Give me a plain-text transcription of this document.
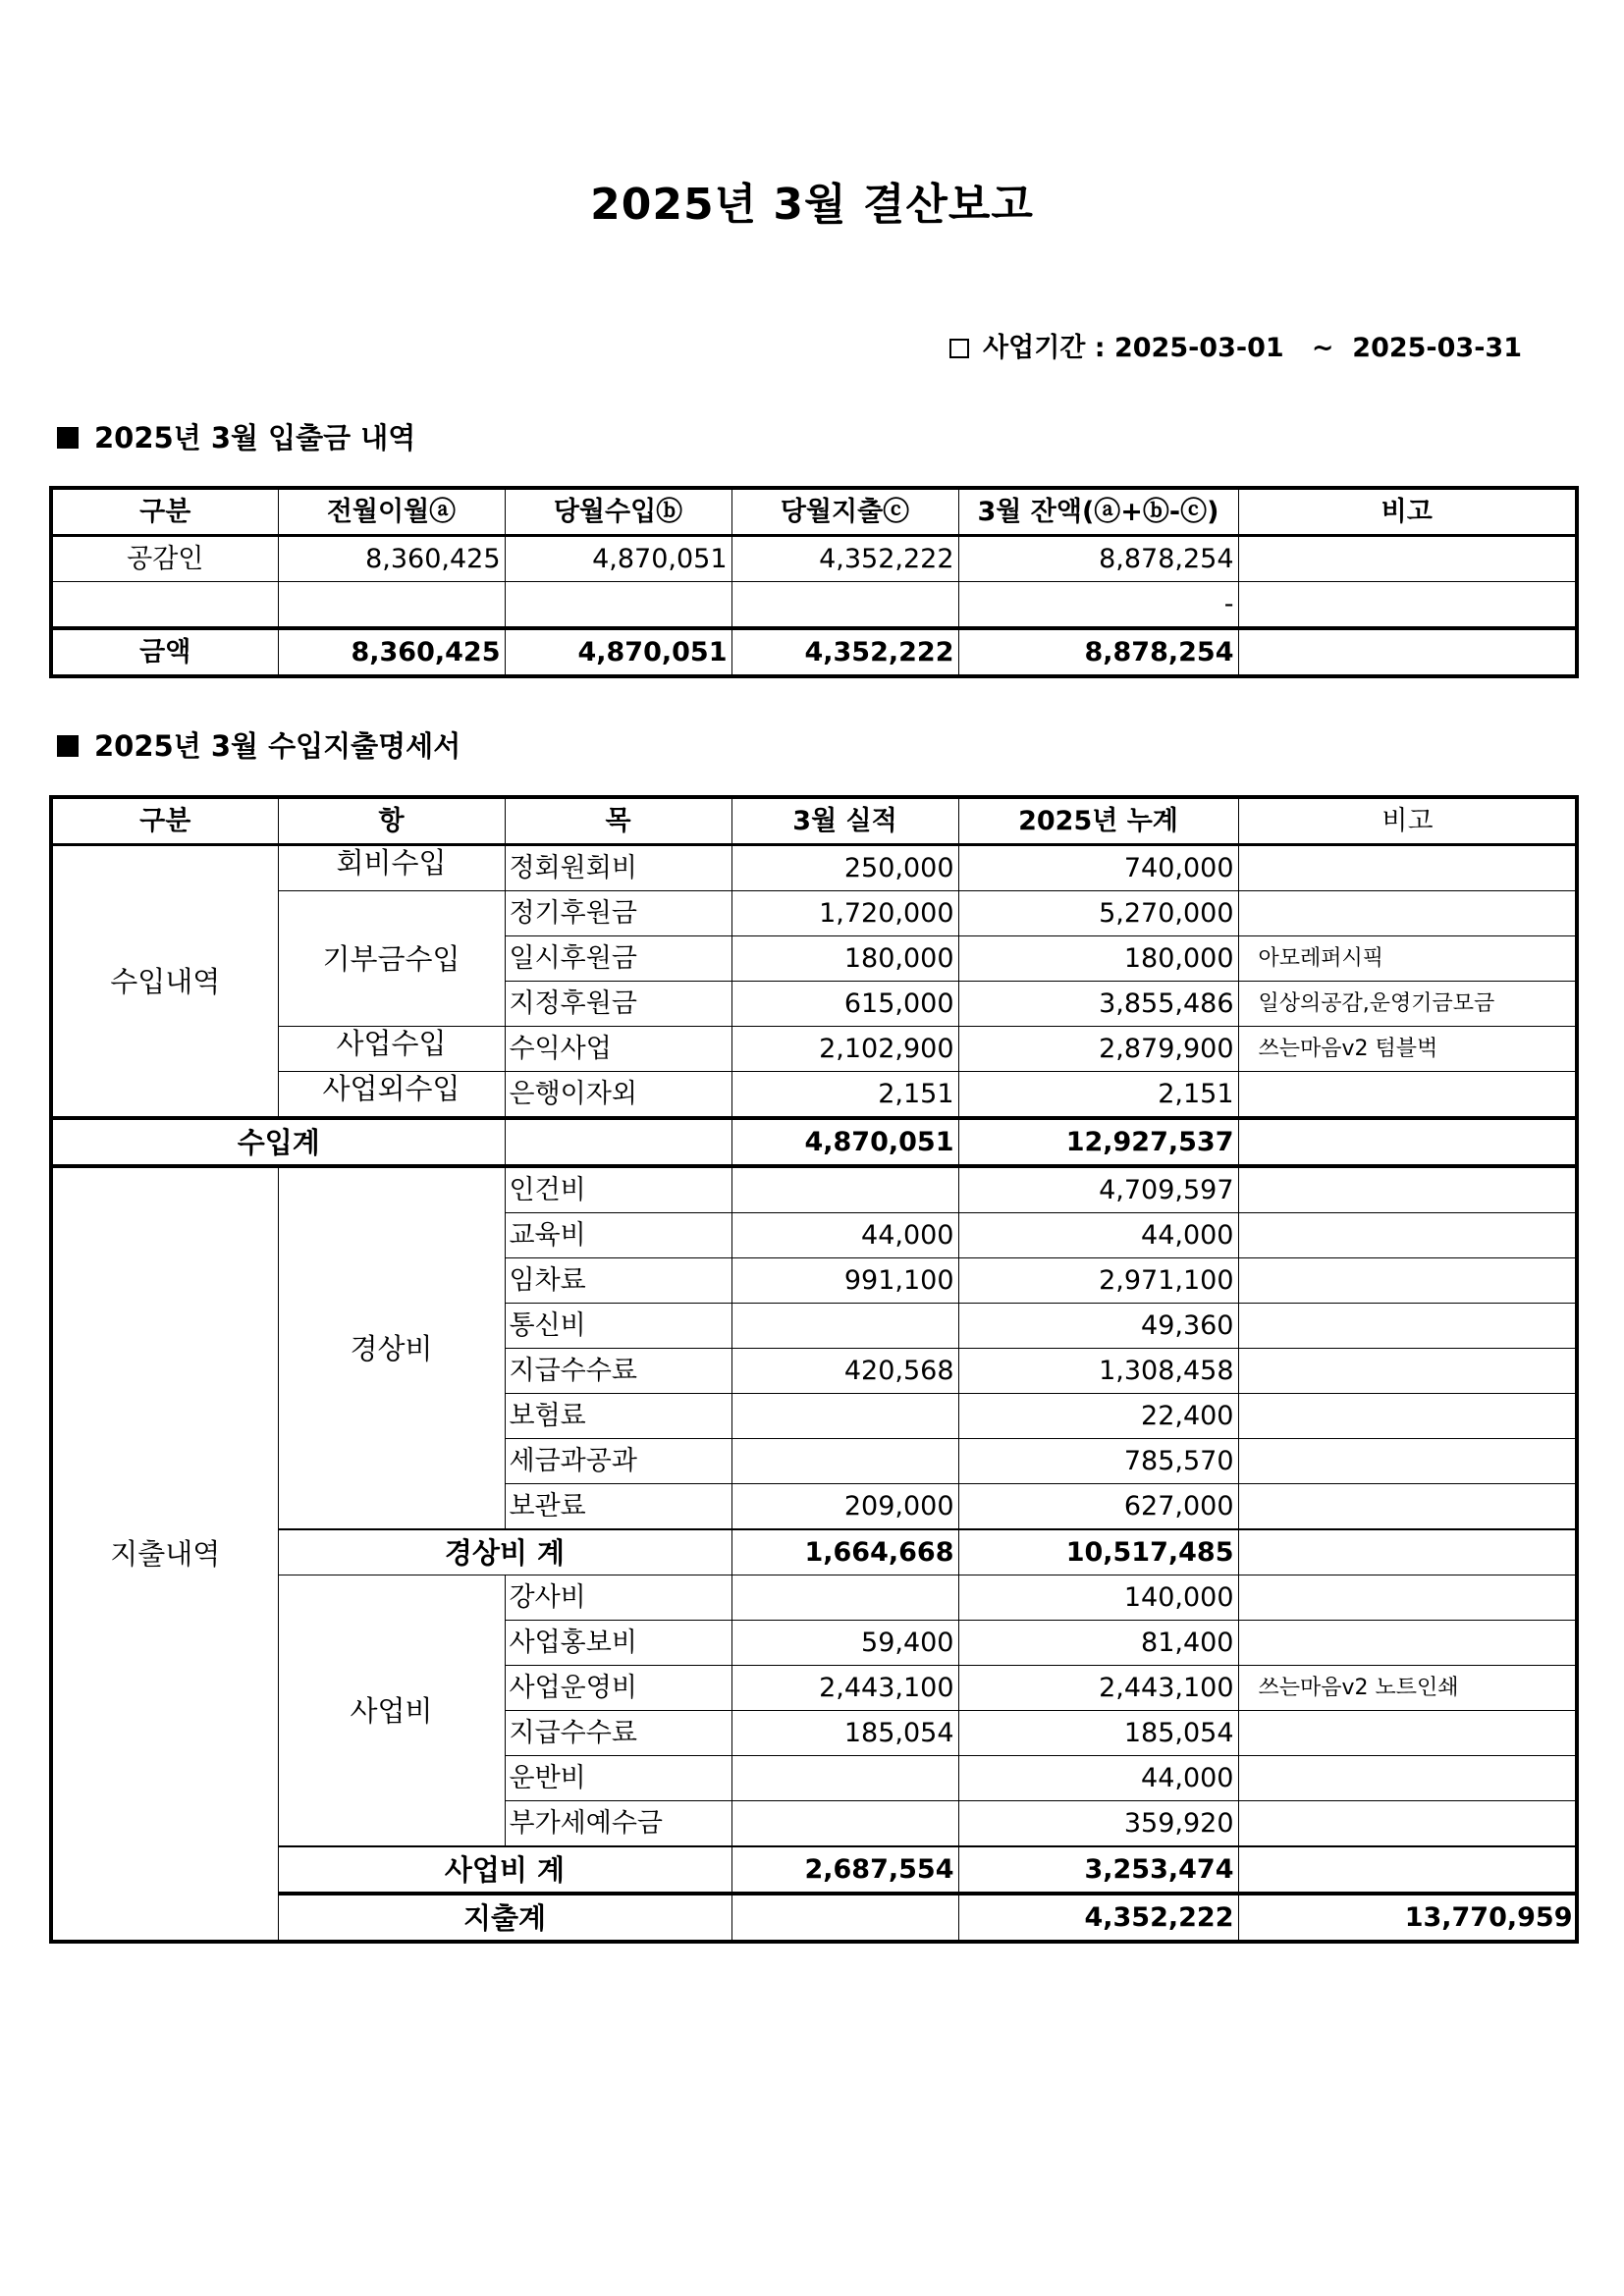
2025년 3월 결산보고
사업기간 : 2025-03-01   ~  2025-03-31
2025년 3월 입출금 내역
구분	전월이월ⓐ	당월수입ⓑ	당월지출ⓒ	3월 잔액(ⓐ+ⓑ-ⓒ)	비고
공감인	8,360,425	4,870,051	4,352,222	8,878,254	
				-	
금액	8,360,425	4,870,051	4,352,222	8,878,254	
2025년 3월 수입지출명세서
구분	항	목	3월 실적	2025년 누계	비고	
수입내역	회비수입	정회원회비	250,000	740,000		
	기부금수입	정기후원금	1,720,000	5,270,000		
		일시후원금	180,000	180,000	아모레퍼시픽	
		지정후원금	615,000	3,855,486	일상의공감,운영기금모금	
	사업수입	수익사업	2,102,900	2,879,900	쓰는마음v2 텀블벅	
	사업외수입	은행이자외	2,151	2,151		
수입계			4,870,051	12,927,537		
지출내역	경상비	인건비		4,709,597		
		교육비	44,000	44,000		
		임차료	991,100	2,971,100		
		통신비		49,360		
		지급수수료	420,568	1,308,458		
		보험료		22,400		
		세금과공과		785,570		
		보관료	209,000	627,000		
	경상비 계		1,664,668	10,517,485		
	사업비	강사비		140,000		
		사업홍보비	59,400	81,400		
		사업운영비	2,443,100	2,443,100	쓰는마음v2 노트인쇄	
		지급수수료	185,054	185,054		
		운반비		44,000		
		부가세예수금		359,920		
	사업비 계		2,687,554	3,253,474		
	지출계			4,352,222	13,770,959	
